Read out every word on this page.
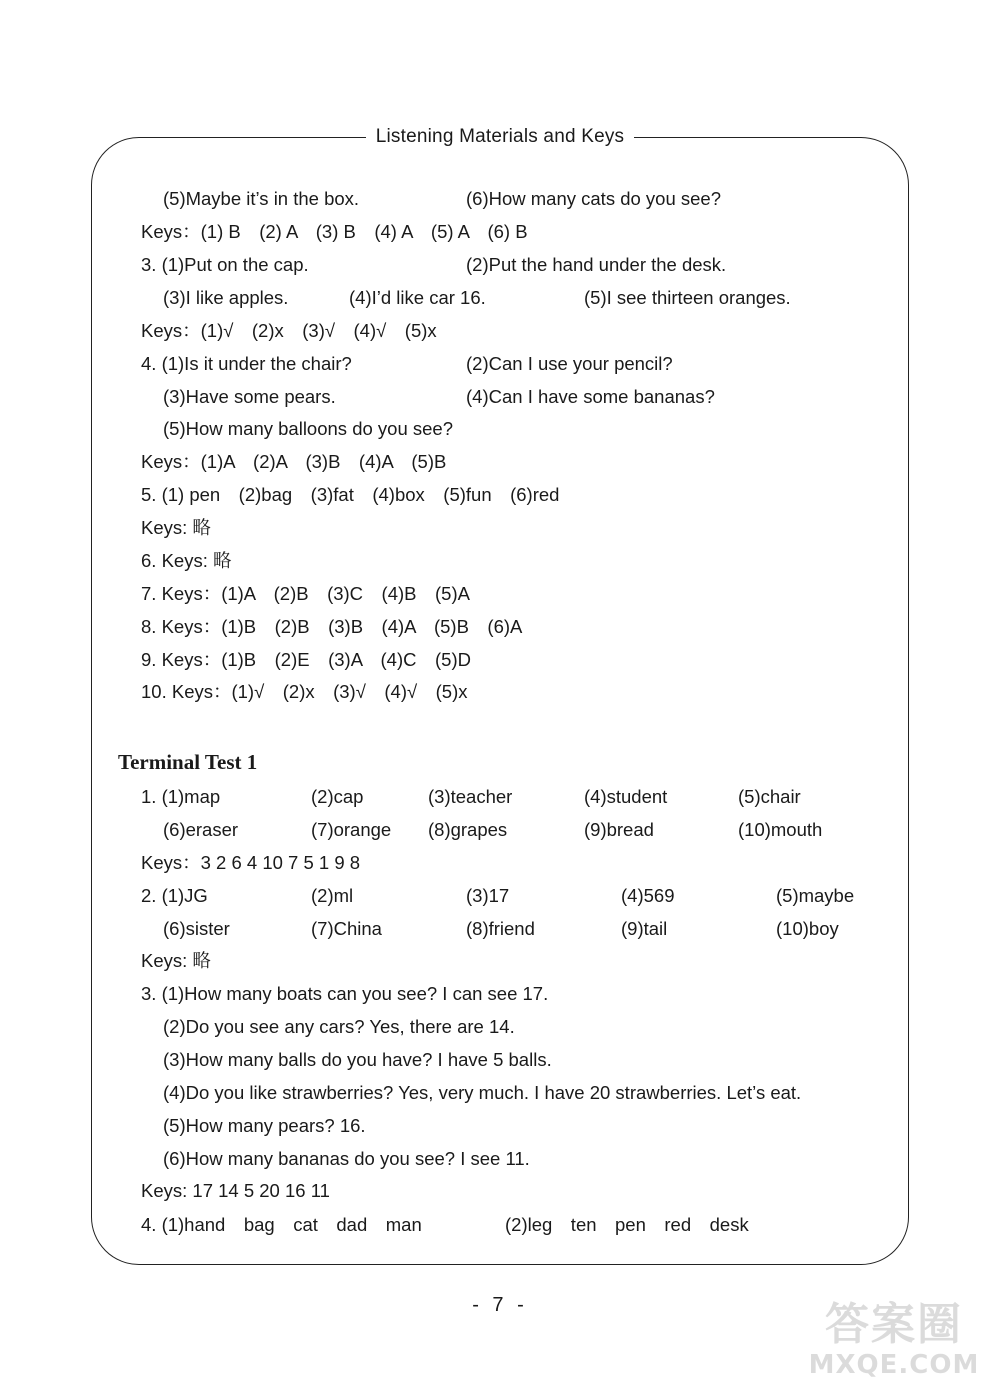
Listening Materials and Keys
Terminal Test 1
(5)Maybe it’s in the box.	(6)How many cats do you see?
Keys：(1) B　(2) A　(3) B　(4) A　(5) A　(6) B
3. (1)Put on the cap.	(2)Put the hand under the desk.
(3)I like apples.	(4)I’d like car 16.	(5)I see thirteen oranges.
Keys：(1)√　(2)x　(3)√　(4)√　(5)x
4. (1)Is it under the chair?	(2)Can I use your pencil?
(3)Have some pears.	(4)Can I have some bananas?
(5)How many balloons do you see?
Keys：(1)A　(2)A　(3)B　(4)A　(5)B
5. (1) pen　(2)bag　(3)fat　(4)box　(5)fun　(6)red
Keys: 略
6. Keys: 略
7. Keys：(1)A　(2)B　(3)C　(4)B　(5)A
8. Keys：(1)B　(2)B　(3)B　(4)A　(5)B　(6)A
9. Keys：(1)B　(2)E　(3)A　(4)C　(5)D
10. Keys：(1)√　(2)x　(3)√　(4)√　(5)x
1. (1)map	(2)cap	(3)teacher	(4)student	(5)chair
(6)eraser	(7)orange (8)grapes	(9)bread	(10)mouth
Keys：3 2 6 4 10 7 5 1 9 8
2. (1)JG	(2)ml	(3)17	(4)569	(5)maybe
(6)sister	(7)China	(8)friend	(9)tail	(10)boy
Keys: 略
3. (1)How many boats can you see? I can see 17.
(2)Do you see any cars? Yes, there are 14.
(3)How many balls do you have? I have 5 balls.
(4)Do you like strawberries? Yes, very much. I have 20 strawberries. Let’s eat.
(5)How many pears? 16.
(6)How many bananas do you see? I see 11.
Keys: 17 14 5 20 16 11
4. (1)hand　bag　cat　dad　man	(2)leg　ten　pen　red　desk
- 7 -	答案圈
MXQE.COM
